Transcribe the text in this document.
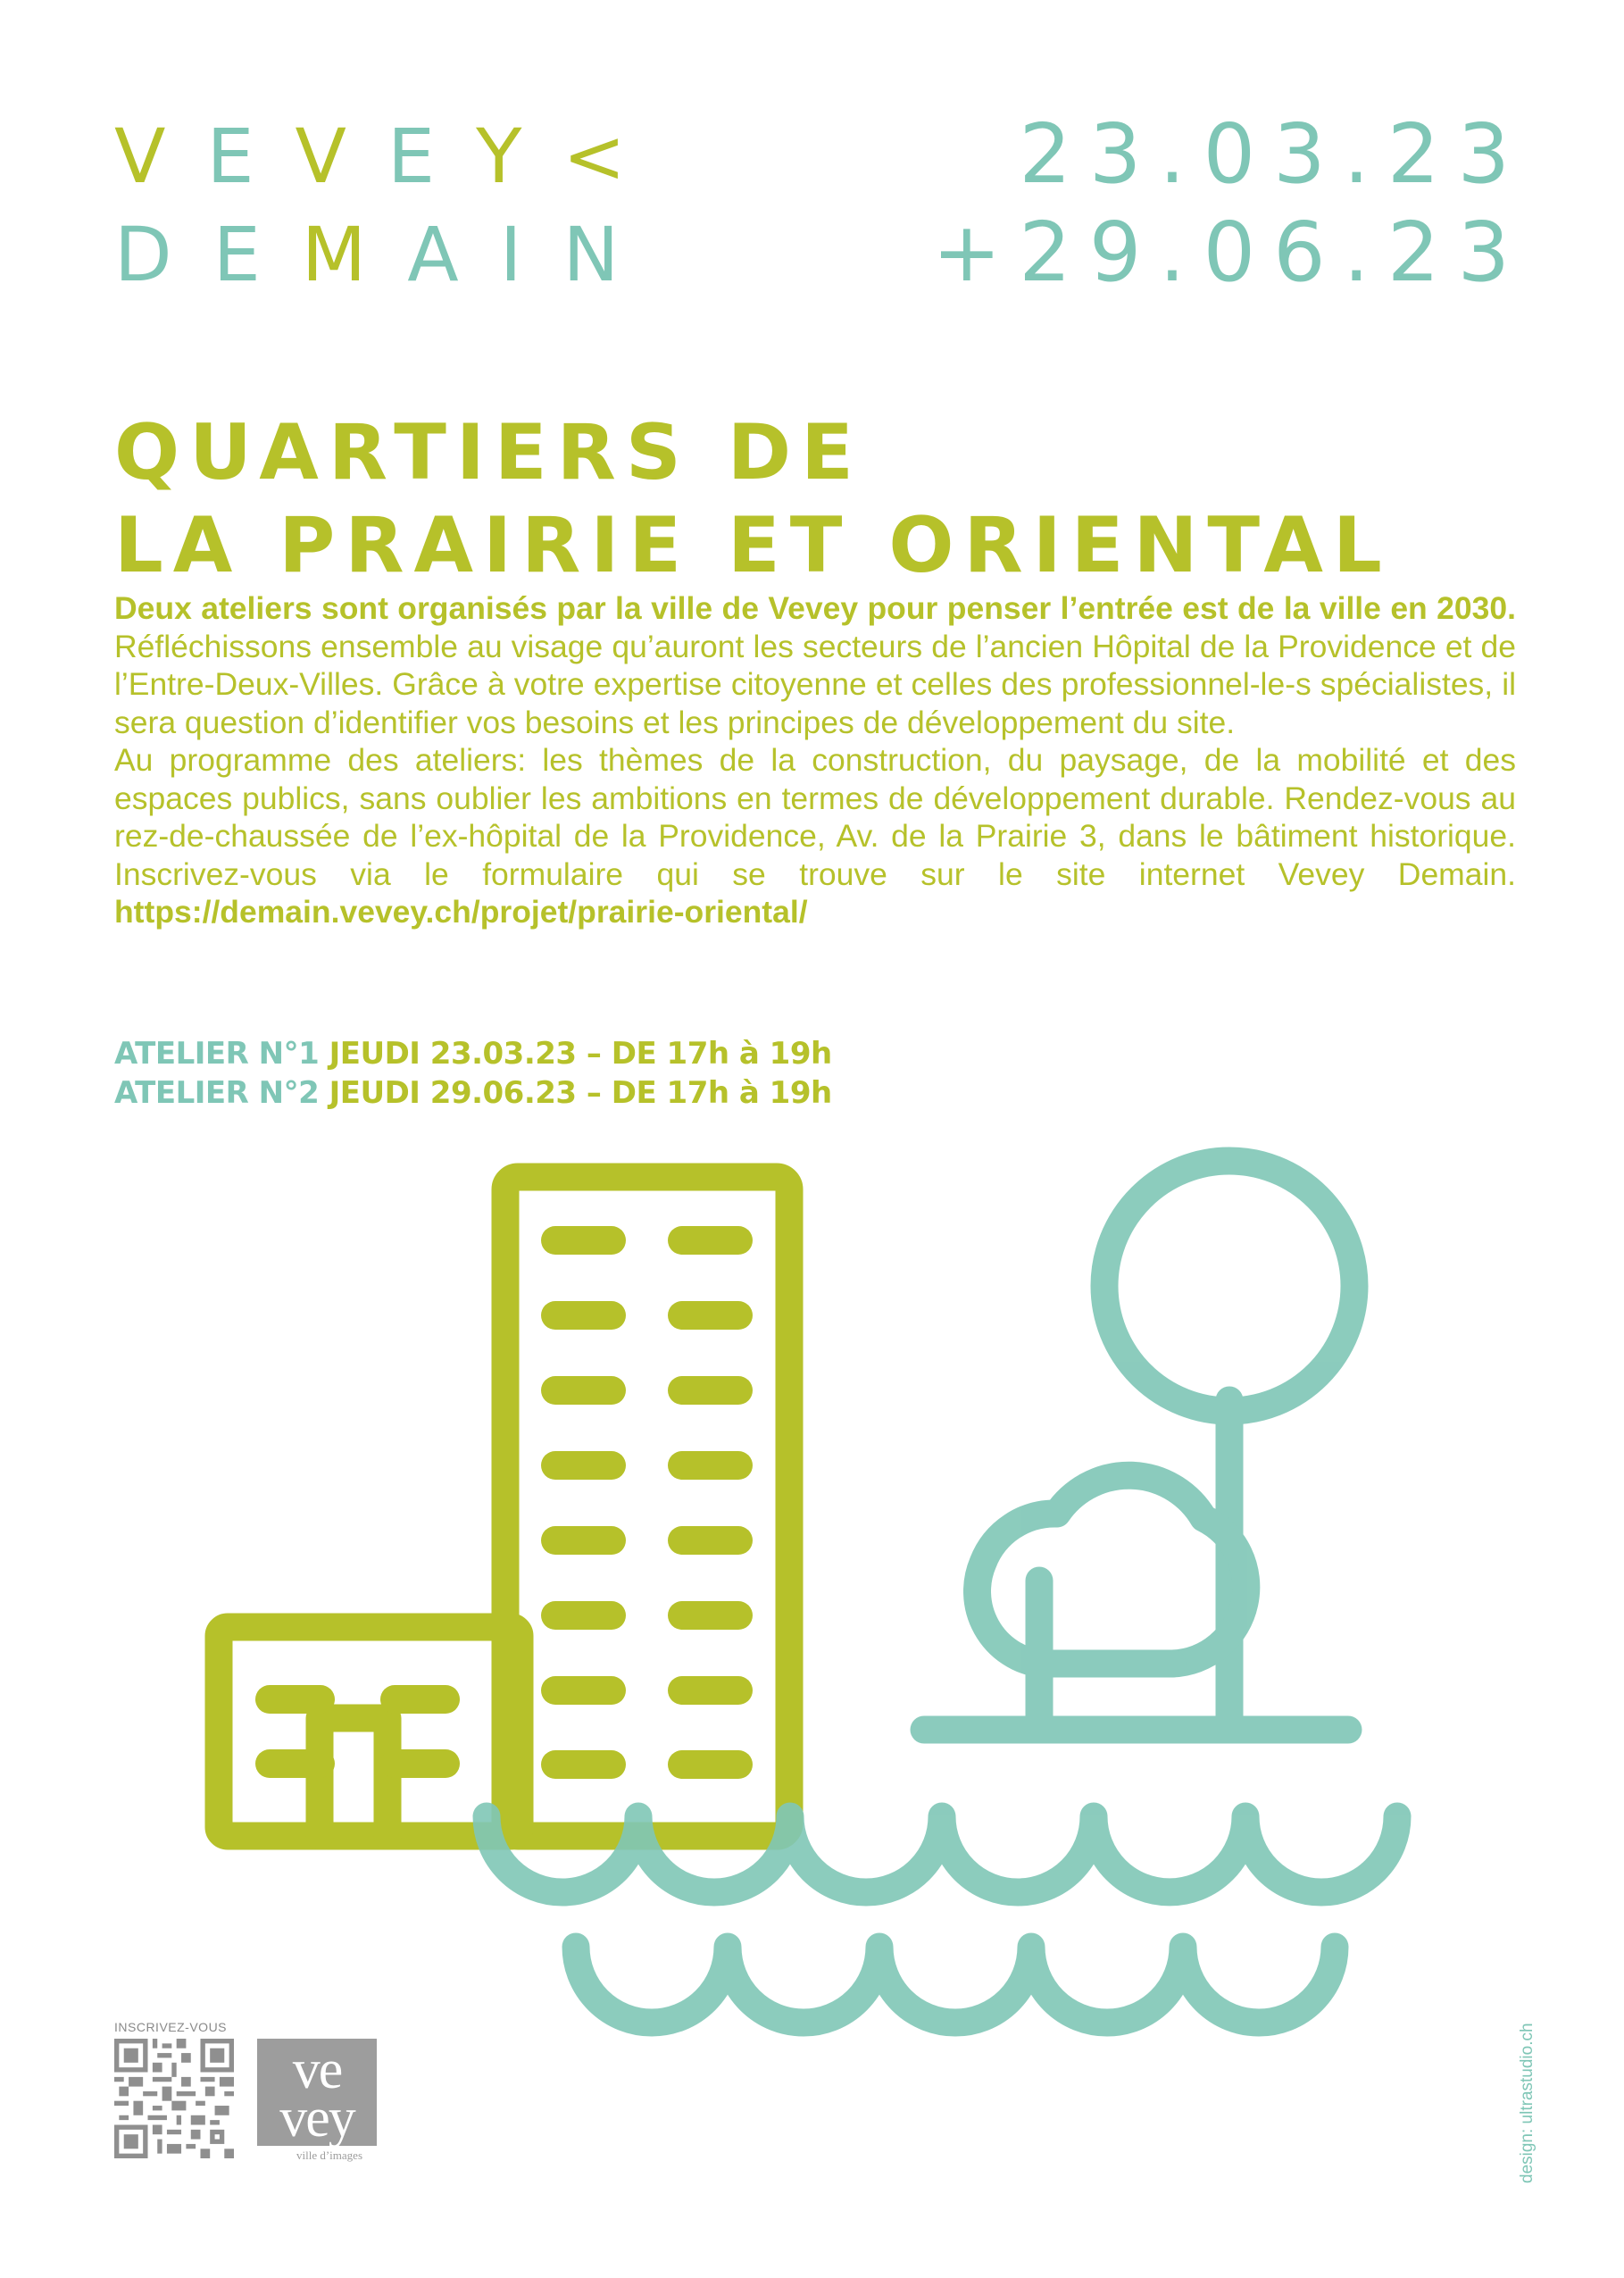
VEVEY<
DEMAIN
23.03.23
+29.06.23
QUARTIERS DE
LA PRAIRIE ET ORIENTAL

Deux ateliers sont organisés par la ville de Vevey pour penser l’entrée est de la ville en 2030. Réfléchissons ensemble au visage qu’auront les secteurs de l’ancien Hôpital de la Providence et de l’Entre-Deux-Villes. Grâce à votre expertise citoyenne et celles des professionnel-le-s spécialistes, il sera question d’identifier vos besoins et les principes de développement du site.

Au programme des ateliers: les thèmes de la construction, du paysage, de la mobilité et des espaces publics, sans oublier les ambitions en termes de développement durable. Rendez-vous au rez-de-chaussée de l’ex-hôpital de la Providence, Av. de la Prairie 3, dans le bâtiment historique. Inscrivez-vous via le formulaire qui se trouve sur le site internet Vevey Demain. https://demain.vevey.ch/projet/prairie-oriental/

ATELIER N°1 JEUDI 23.03.23 – DE 17h à 19h
ATELIER N°2 JEUDI 29.06.23 – DE 17h à 19h
INSCRIVEZ-VOUS
ve
vey
ville d’images	design: ultrastudio.ch
